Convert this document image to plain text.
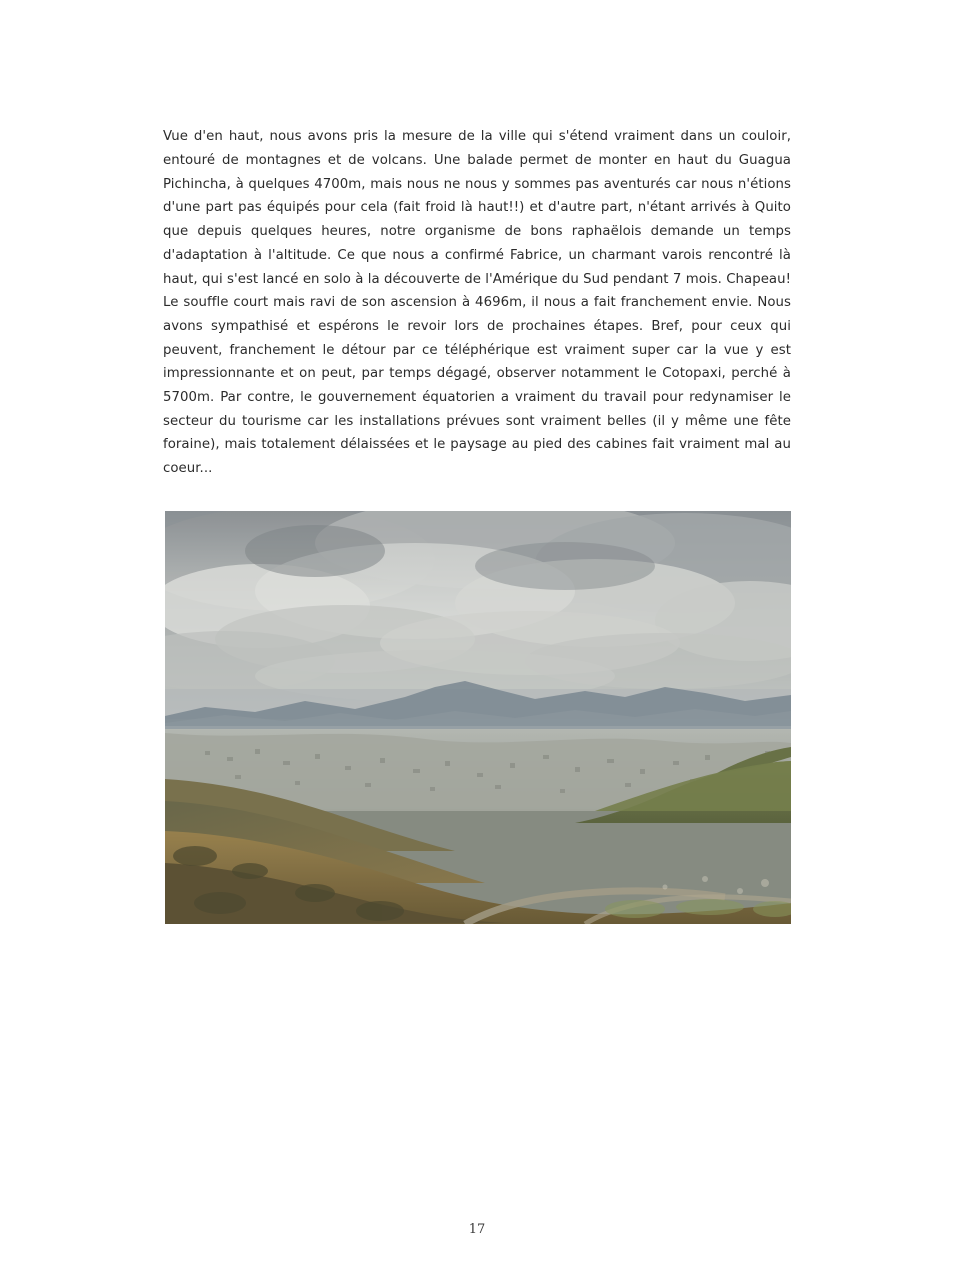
Vue d'en haut, nous avons pris la mesure de la ville qui s'étend vraiment dans un couloir, entouré de montagnes et de volcans. Une balade permet de monter en haut du Guagua Pichincha, à quelques 4700m, mais nous ne nous y sommes pas aventurés car nous n'étions d'une part pas équipés pour cela (fait froid là haut!!) et d'autre part, n'étant arrivés à Quito que depuis quelques heures, notre organisme de bons raphaëlois demande un temps d'adaptation à l'altitude. Ce que nous a confirmé Fabrice, un charmant varois rencontré là haut, qui s'est lancé en solo à la découverte de l'Amérique du Sud pendant 7 mois. Chapeau! Le souffle court mais ravi de son ascension à 4696m, il nous a fait franchement envie. Nous avons sympathisé et espérons le revoir lors de prochaines étapes. Bref, pour ceux qui peuvent, franchement le détour par ce téléphérique est vraiment super car la vue y est impressionnante et on peut, par temps dégagé, observer notamment le Cotopaxi, perché à 5700m. Par contre, le gouvernement équatorien a vraiment du travail pour redynamiser le secteur du tourisme car les installations prévues sont vraiment belles (il y même une fête foraine), mais totalement délaissées et le paysage au pied des cabines fait vraiment mal au coeur...

17
